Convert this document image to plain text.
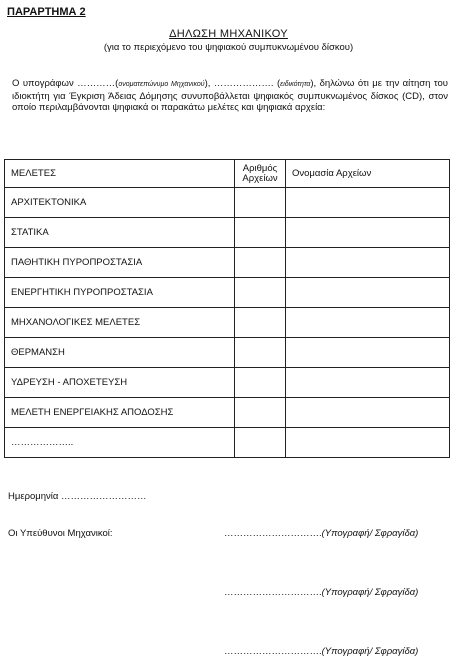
ΠΑΡΑΡΤΗΜΑ 2
ΔΗΛΩΣΗ ΜΗΧΑΝΙΚΟΥ
(για το περιεχόμενο του ψηφιακού συμπυκνωμένου δίσκου)
Ο υπογράφων …………(ονοματεπώνυμο Μηχανικού), ………………. (ειδικότητα), δηλώνω ότι με την αίτηση του ιδιοκτήτη για Έγκριση Άδειας Δόμησης συνυποβάλλεται ψηφιακός συμπυκνωμένος δίσκος (CD), στον οποίο περιλαμβάνονται ψηφιακά οι παρακάτω μελέτες και ψηφιακά αρχεία:
ΜΕΛΕΤΕΣ	Αριθμός Αρχείων	Ονομασία Αρχείων
ΑΡΧΙΤΕΚΤΟΝΙΚΑ		
ΣΤΑΤΙΚΑ		
ΠΑΘΗΤΙΚΗ ΠΥΡΟΠΡΟΣΤΑΣΙΑ		
ΕΝΕΡΓΗΤΙΚΗ ΠΥΡΟΠΡΟΣΤΑΣΙΑ		
ΜΗΧΑΝΟΛΟΓΙΚΕΣ ΜΕΛΕΤΕΣ		
ΘΕΡΜΑΝΣΗ		
ΥΔΡΕΥΣΗ - ΑΠΟΧΕΤΕΥΣΗ		
ΜΕΛΕΤΗ ΕΝΕΡΓΕΙΑΚΗΣ ΑΠΟΔΟΣΗΣ		
………………..		
Ημερομηνία ………………………
Οι Υπεύθυνοι Μηχανικοί:	………………………….(Υπογραφή/ Σφραγίδα)
………………………….(Υπογραφή/ Σφραγίδα)
………………………….(Υπογραφή/ Σφραγίδα)
